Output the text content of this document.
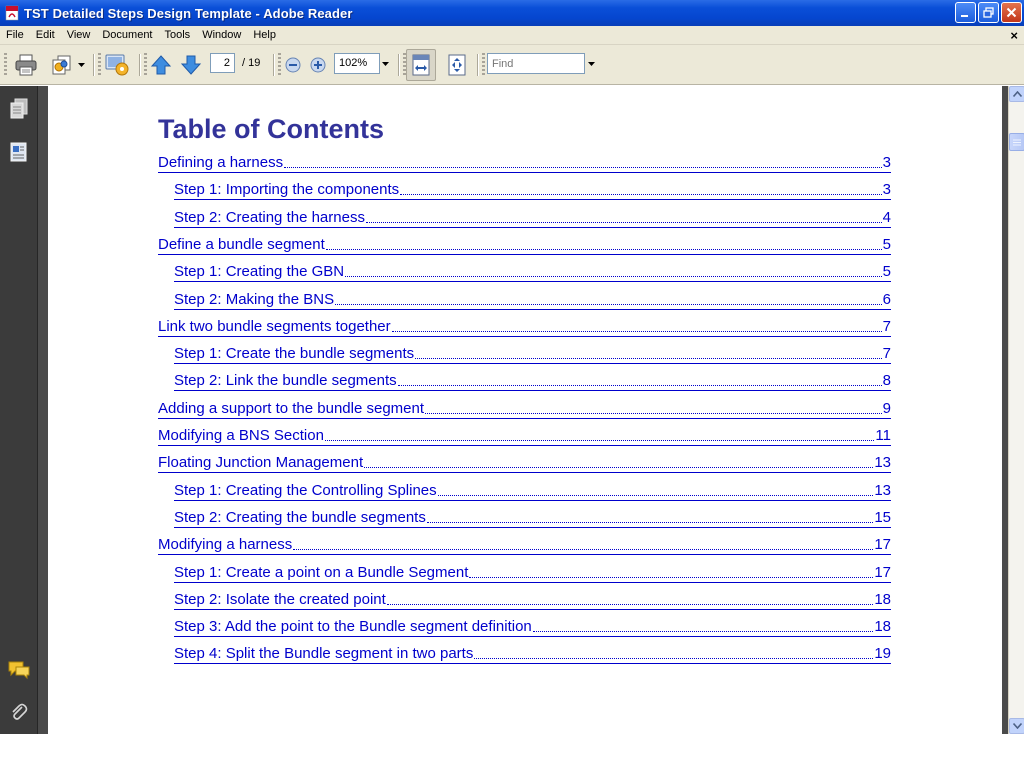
TST Detailed Steps Design Template - Adobe Reader
File	Edit	View	Document	Tools	Window	Help	×
2
/ 19	102%
Find
Table of Contents
Defining a harness	3
Step 1: Importing the components	3
Step 2: Creating the harness	4
Define a bundle segment	5
Step 1: Creating the GBN	5
Step 2: Making the BNS	6
Link two bundle segments together	7
Step 1: Create the bundle segments	7
Step 2: Link the bundle segments	8
Adding a support to the bundle segment	9
Modifying a BNS Section	11
Floating Junction Management	13
Step 1: Creating the Controlling Splines	13
Step 2: Creating the bundle segments	15
Modifying a harness	17
Step 1: Create a point on a Bundle Segment	17
Step 2: Isolate the created point	18
Step 3: Add the point to the Bundle segment definition	18
Step 4: Split the Bundle segment in two parts	19
